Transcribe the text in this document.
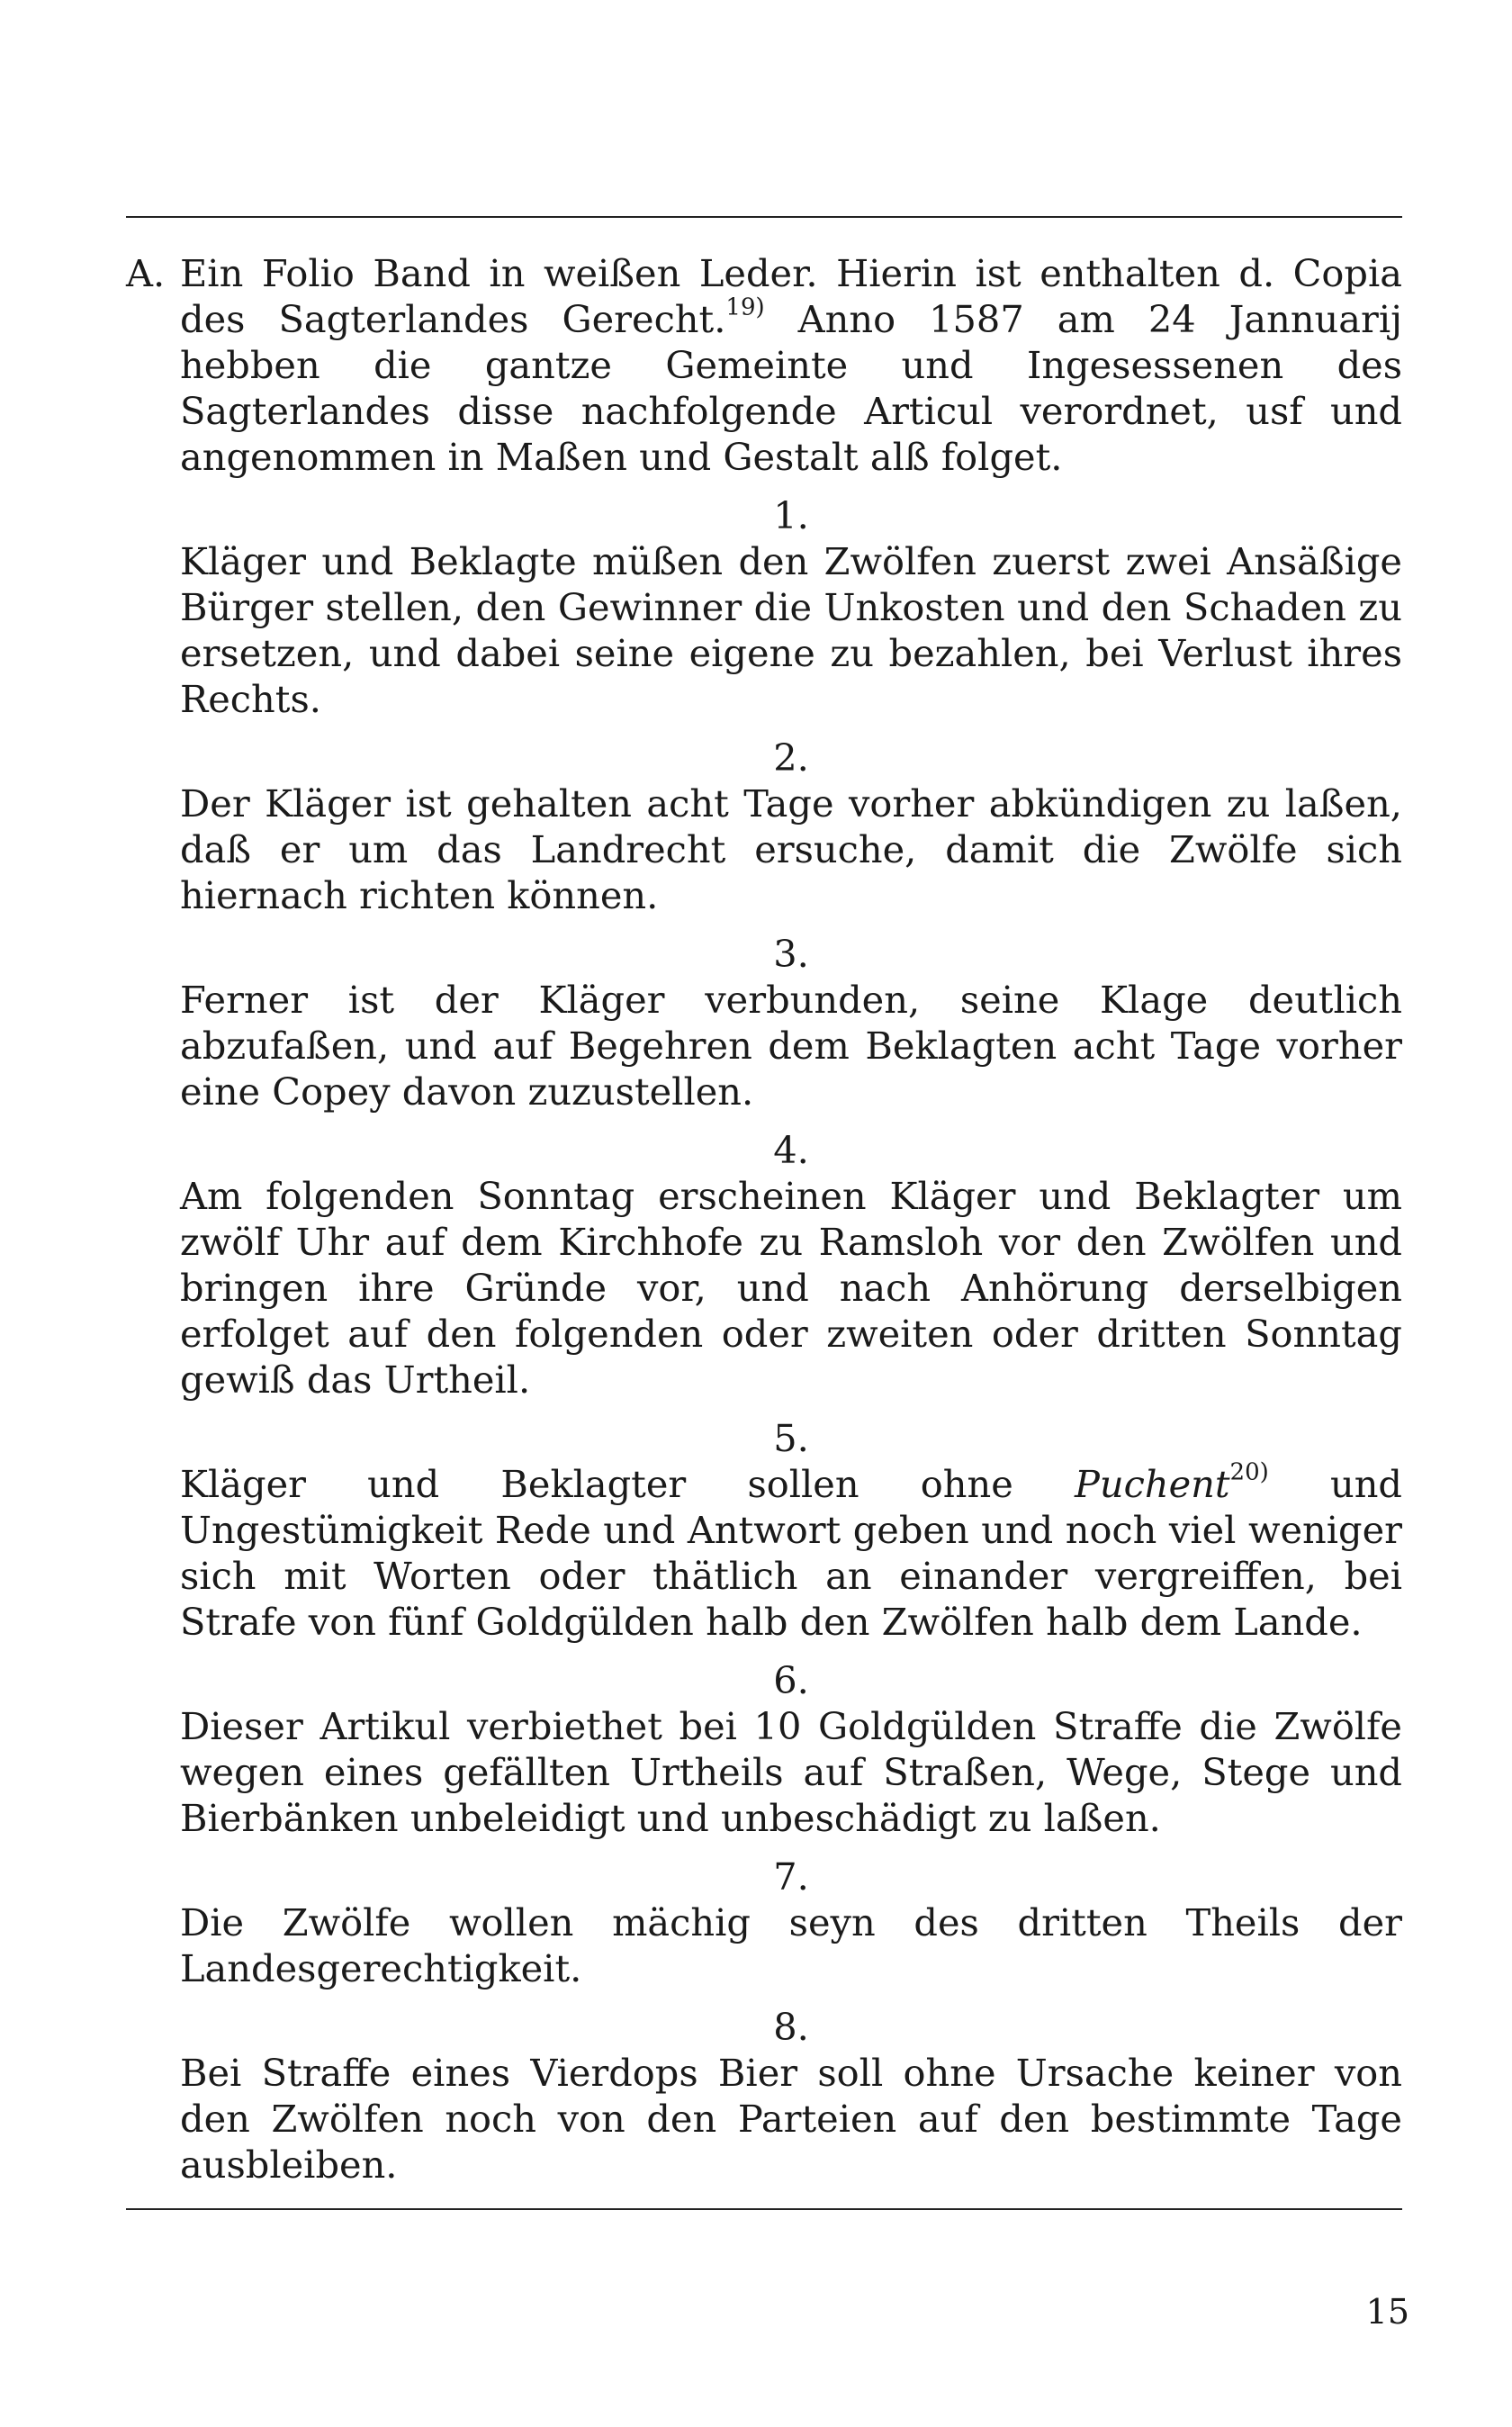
A. Ein Folio Band in weißen Leder. Hierin ist enthalten d. Copia des Sagterlandes Gerecht.$^{19)}$ Anno 1587 am 24 Jannuarij hebben die gantze Gemeinte und Ingesessenen des Sagterlandes disse nachfolgende Articul verordnet, usf und angenommen in Maßen und Gestalt alß folget.
1.
Kläger und Beklagte müßen den Zwölfen zuerst zwei Ansäßige Bürger stellen, den Gewinner die Unkosten und den Schaden zu ersetzen, und dabei seine eigene zu bezahlen, bei Verlust ihres Rechts.
2.
Der Kläger ist gehalten acht Tage vorher abkündigen zu laßen, daß er um das Landrecht ersuche, damit die Zwölfe sich hiernach richten können.
3.
Ferner ist der Kläger verbunden, seine Klage deutlich abzufaßen, und auf Begehren dem Beklagten acht Tage vorher eine Copey davon zuzustellen.
4.
Am folgenden Sonntag erscheinen Kläger und Beklagter um zwölf Uhr auf dem Kirchhofe zu Ramsloh vor den Zwölfen und bringen ihre Gründe vor, und nach Anhörung derselbigen erfolget auf den folgenden oder zweiten oder dritten Sonntag gewiß das Urtheil.
5.
Kläger und Beklagter sollen ohne Puchent$^{20)}$ und Ungestümigkeit Rede und Antwort geben und noch viel weniger sich mit Worten oder thätlich an einander vergreiffen, bei Strafe von fünf Goldgülden halb den Zwölfen halb dem Lande.
6.
Dieser Artikul verbiethet bei 10 Goldgülden Straffe die Zwölfe wegen eines gefällten Urtheils auf Straßen, Wege, Stege und Bierbänken unbeleidigt und unbeschädigt zu laßen.
7.
Die Zwölfe wollen mächig seyn des dritten Theils der Landesgerechtigkeit.
8.
Bei Straffe eines Vierdops Bier soll ohne Ursache keiner von den Zwölfen noch von den Parteien auf den bestimmte Tage ausbleiben.
15
